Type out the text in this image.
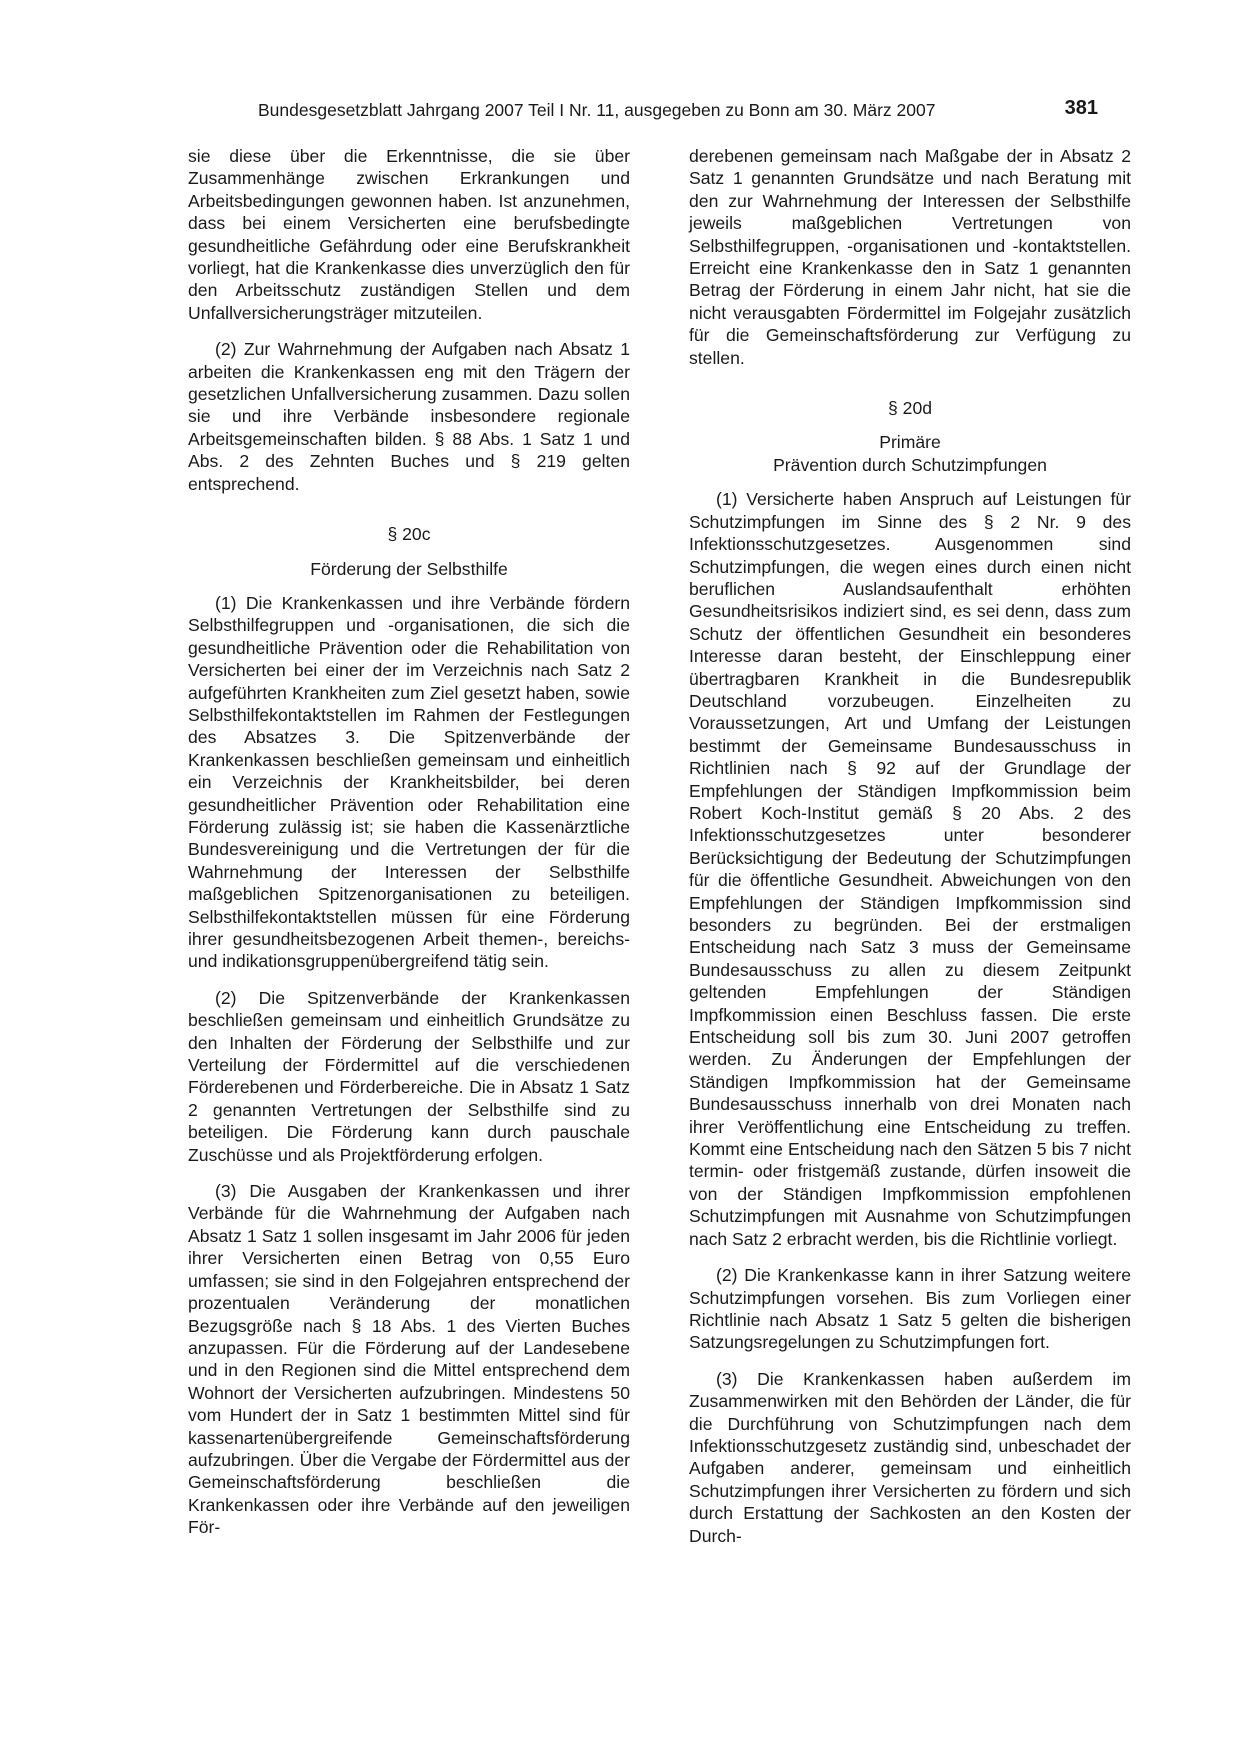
Bundesgesetzblatt Jahrgang 2007 Teil I Nr. 11, ausgegeben zu Bonn am 30. März 2007	381

sie diese über die Erkenntnisse, die sie über Zusammenhänge zwischen Erkrankungen und Arbeitsbedingungen gewonnen haben. Ist anzunehmen, dass bei einem Versicherten eine berufsbedingte gesundheitliche Gefährdung oder eine Berufskrankheit vorliegt, hat die Krankenkasse dies unverzüglich den für den Arbeitsschutz zuständigen Stellen und dem Unfallversicherungsträger mitzuteilen.

(2) Zur Wahrnehmung der Aufgaben nach Absatz 1 arbeiten die Krankenkassen eng mit den Trägern der gesetzlichen Unfallversicherung zusammen. Dazu sollen sie und ihre Verbände insbesondere regionale Arbeitsgemeinschaften bilden. § 88 Abs. 1 Satz 1 und Abs. 2 des Zehnten Buches und § 219 gelten entsprechend.

§ 20c
Förderung der Selbsthilfe

(1) Die Krankenkassen und ihre Verbände fördern Selbsthilfegruppen und -organisationen, die sich die gesundheitliche Prävention oder die Rehabilitation von Versicherten bei einer der im Verzeichnis nach Satz 2 aufgeführten Krankheiten zum Ziel gesetzt haben, sowie Selbsthilfekontaktstellen im Rahmen der Festlegungen des Absatzes 3. Die Spitzenverbände der Krankenkassen beschließen gemeinsam und einheitlich ein Verzeichnis der Krankheitsbilder, bei deren gesundheitlicher Prävention oder Rehabilitation eine Förderung zulässig ist; sie haben die Kassenärztliche Bundesvereinigung und die Vertretungen der für die Wahrnehmung der Interessen der Selbsthilfe maßgeblichen Spitzenorganisationen zu beteiligen. Selbsthilfekontaktstellen müssen für eine Förderung ihrer gesundheitsbezogenen Arbeit themen-, bereichs- und indikationsgruppenübergreifend tätig sein.

(2) Die Spitzenverbände der Krankenkassen beschließen gemeinsam und einheitlich Grundsätze zu den Inhalten der Förderung der Selbsthilfe und zur Verteilung der Fördermittel auf die verschiedenen Förderebenen und Förderbereiche. Die in Absatz 1 Satz 2 genannten Vertretungen der Selbsthilfe sind zu beteiligen. Die Förderung kann durch pauschale Zuschüsse und als Projektförderung erfolgen.

(3) Die Ausgaben der Krankenkassen und ihrer Verbände für die Wahrnehmung der Aufgaben nach Absatz 1 Satz 1 sollen insgesamt im Jahr 2006 für jeden ihrer Versicherten einen Betrag von 0,55 Euro umfassen; sie sind in den Folgejahren entsprechend der prozentualen Veränderung der monatlichen Bezugsgröße nach § 18 Abs. 1 des Vierten Buches anzupassen. Für die Förderung auf der Landesebene und in den Regionen sind die Mittel entsprechend dem Wohnort der Versicherten aufzubringen. Mindestens 50 vom Hundert der in Satz 1 bestimmten Mittel sind für kassenartenübergreifende Gemeinschaftsförderung aufzubringen. Über die Vergabe der Fördermittel aus der Gemeinschaftsförderung beschließen die Krankenkassen oder ihre Verbände auf den jeweiligen För-

derebenen gemeinsam nach Maßgabe der in Absatz 2 Satz 1 genannten Grundsätze und nach Beratung mit den zur Wahrnehmung der Interessen der Selbsthilfe jeweils maßgeblichen Vertretungen von Selbsthilfegruppen, -organisationen und -kontaktstellen. Erreicht eine Krankenkasse den in Satz 1 genannten Betrag der Förderung in einem Jahr nicht, hat sie die nicht verausgabten Fördermittel im Folgejahr zusätzlich für die Gemeinschaftsförderung zur Verfügung zu stellen.

§ 20d
Primäre
Prävention durch Schutzimpfungen

(1) Versicherte haben Anspruch auf Leistungen für Schutzimpfungen im Sinne des § 2 Nr. 9 des Infektionsschutzgesetzes. Ausgenommen sind Schutzimpfungen, die wegen eines durch einen nicht beruflichen Auslandsaufenthalt erhöhten Gesundheitsrisikos indiziert sind, es sei denn, dass zum Schutz der öffentlichen Gesundheit ein besonderes Interesse daran besteht, der Einschleppung einer übertragbaren Krankheit in die Bundesrepublik Deutschland vorzubeugen. Einzelheiten zu Voraussetzungen, Art und Umfang der Leistungen bestimmt der Gemeinsame Bundesausschuss in Richtlinien nach § 92 auf der Grundlage der Empfehlungen der Ständigen Impfkommission beim Robert Koch-Institut gemäß § 20 Abs. 2 des Infektionsschutzgesetzes unter besonderer Berücksichtigung der Bedeutung der Schutzimpfungen für die öffentliche Gesundheit. Abweichungen von den Empfehlungen der Ständigen Impfkommission sind besonders zu begründen. Bei der erstmaligen Entscheidung nach Satz 3 muss der Gemeinsame Bundesausschuss zu allen zu diesem Zeitpunkt geltenden Empfehlungen der Ständigen Impfkommission einen Beschluss fassen. Die erste Entscheidung soll bis zum 30. Juni 2007 getroffen werden. Zu Änderungen der Empfehlungen der Ständigen Impfkommission hat der Gemeinsame Bundesausschuss innerhalb von drei Monaten nach ihrer Veröffentlichung eine Entscheidung zu treffen. Kommt eine Entscheidung nach den Sätzen 5 bis 7 nicht termin- oder fristgemäß zustande, dürfen insoweit die von der Ständigen Impfkommission empfohlenen Schutzimpfungen mit Ausnahme von Schutzimpfungen nach Satz 2 erbracht werden, bis die Richtlinie vorliegt.

(2) Die Krankenkasse kann in ihrer Satzung weitere Schutzimpfungen vorsehen. Bis zum Vorliegen einer Richtlinie nach Absatz 1 Satz 5 gelten die bisherigen Satzungsregelungen zu Schutzimpfungen fort.

(3) Die Krankenkassen haben außerdem im Zusammenwirken mit den Behörden der Länder, die für die Durchführung von Schutzimpfungen nach dem Infektionsschutzgesetz zuständig sind, unbeschadet der Aufgaben anderer, gemeinsam und einheitlich Schutzimpfungen ihrer Versicherten zu fördern und sich durch Erstattung der Sachkosten an den Kosten der Durch-
